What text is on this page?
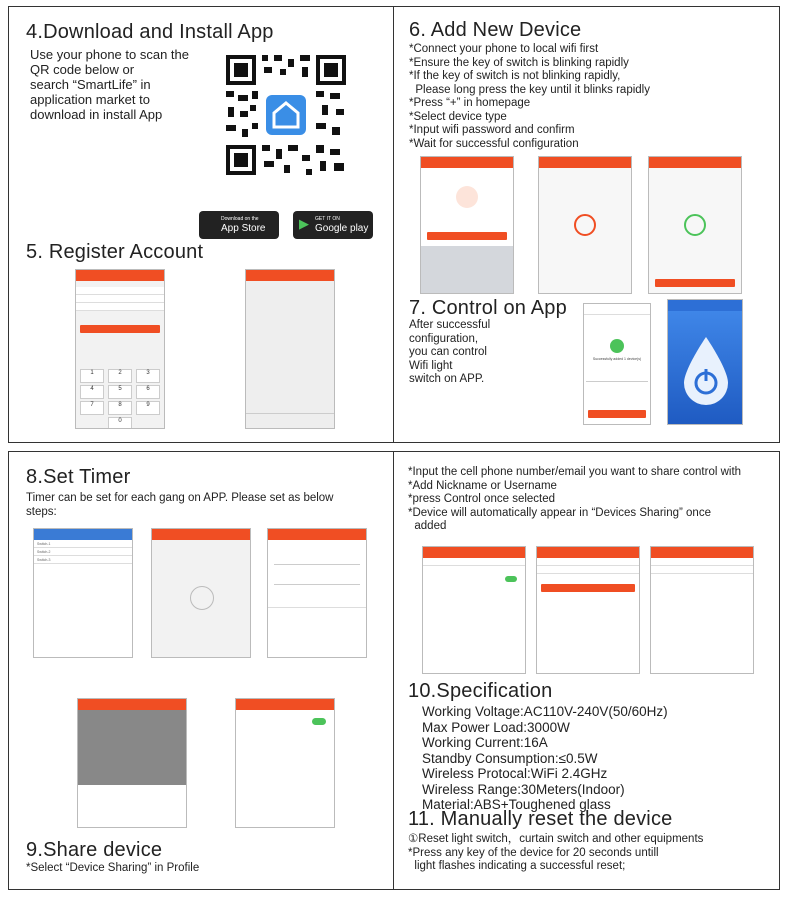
4.Download and Install App
Use your phone to scan the
QR code below or
search “SmartLife” in
application market to
download in install App
Download on the
App Store	▶	GET IT ON
Google play
5. Register Account
1	2	3
4	5	6
7	8	9
0
6. Add New Device
*Connect your phone to local wifi first
*Ensure the key of switch is blinking rapidly
*If the key of switch is not blinking rapidly,
Please long press the key until it blinks rapidly
*Press “+” in homepage
*Select device type
*Input wifi password and confirm
*Wait for successful configuration
7. Control on App
After successful
configuration,
you can control
Wifi light
switch on APP.
Successfully added 1 device(s)
8.Set Timer
Timer can be set for each gang on APP. Please set as below
steps:
Switch-1
Switch-2
Switch-3
9.Share device
*Select “Device Sharing” in Profile
*Input the cell phone number/email you want to share control with
*Add Nickname or Username
*press Control once selected
*Device will automatically appear in “Devices Sharing” once
added
10.Specification
Working Voltage:AC110V-240V(50/60Hz)
Max Power Load:3000W
Working Current:16A
Standby Consumption:≤0.5W
Wireless Protocal:WiFi 2.4GHz
Wireless Range:30Meters(Indoor)
Material:ABS+Toughened glass
11. Manually reset the device
①Reset light switch，curtain switch and other equipments
*Press any key of the device for 20 seconds untill
light flashes indicating a successful reset;
